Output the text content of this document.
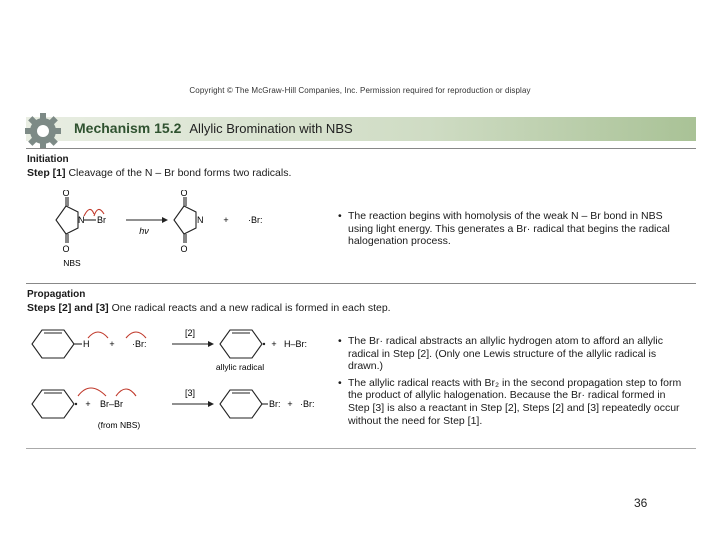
Copyright © The McGraw-Hill Companies, Inc. Permission required for reproduction or display
Mechanism 15.2 Allylic Bromination with NBS
Initiation
Step [1] Cleavage of the N – Br bond forms two radicals.
O
O
N Br
NBS
hν
O
O
N + ·Br:	• The reaction begins with homolysis of the weak N – Br bond in NBS using light energy. This generates a Br· radical that begins the radical halogenation process.
Propagation
Steps [2] and [3] One radical reacts and a new radical is formed in each step.
H + ·Br:
[2]
allylic radical
+ H–Br:
+ Br–Br
(from NBS)
[3]
Br: + ·Br:
• The Br· radical abstracts an allylic hydrogen atom to afford an allylic radical in Step [2]. (Only one Lewis structure of the allylic radical is drawn.)
• The allylic radical reacts with Br₂ in the second propagation step to form the product of allylic halogenation. Because the Br· radical formed in Step [3] is also a reactant in Step [2], Steps [2] and [3] repeatedly occur without the need for Step [1].
36
